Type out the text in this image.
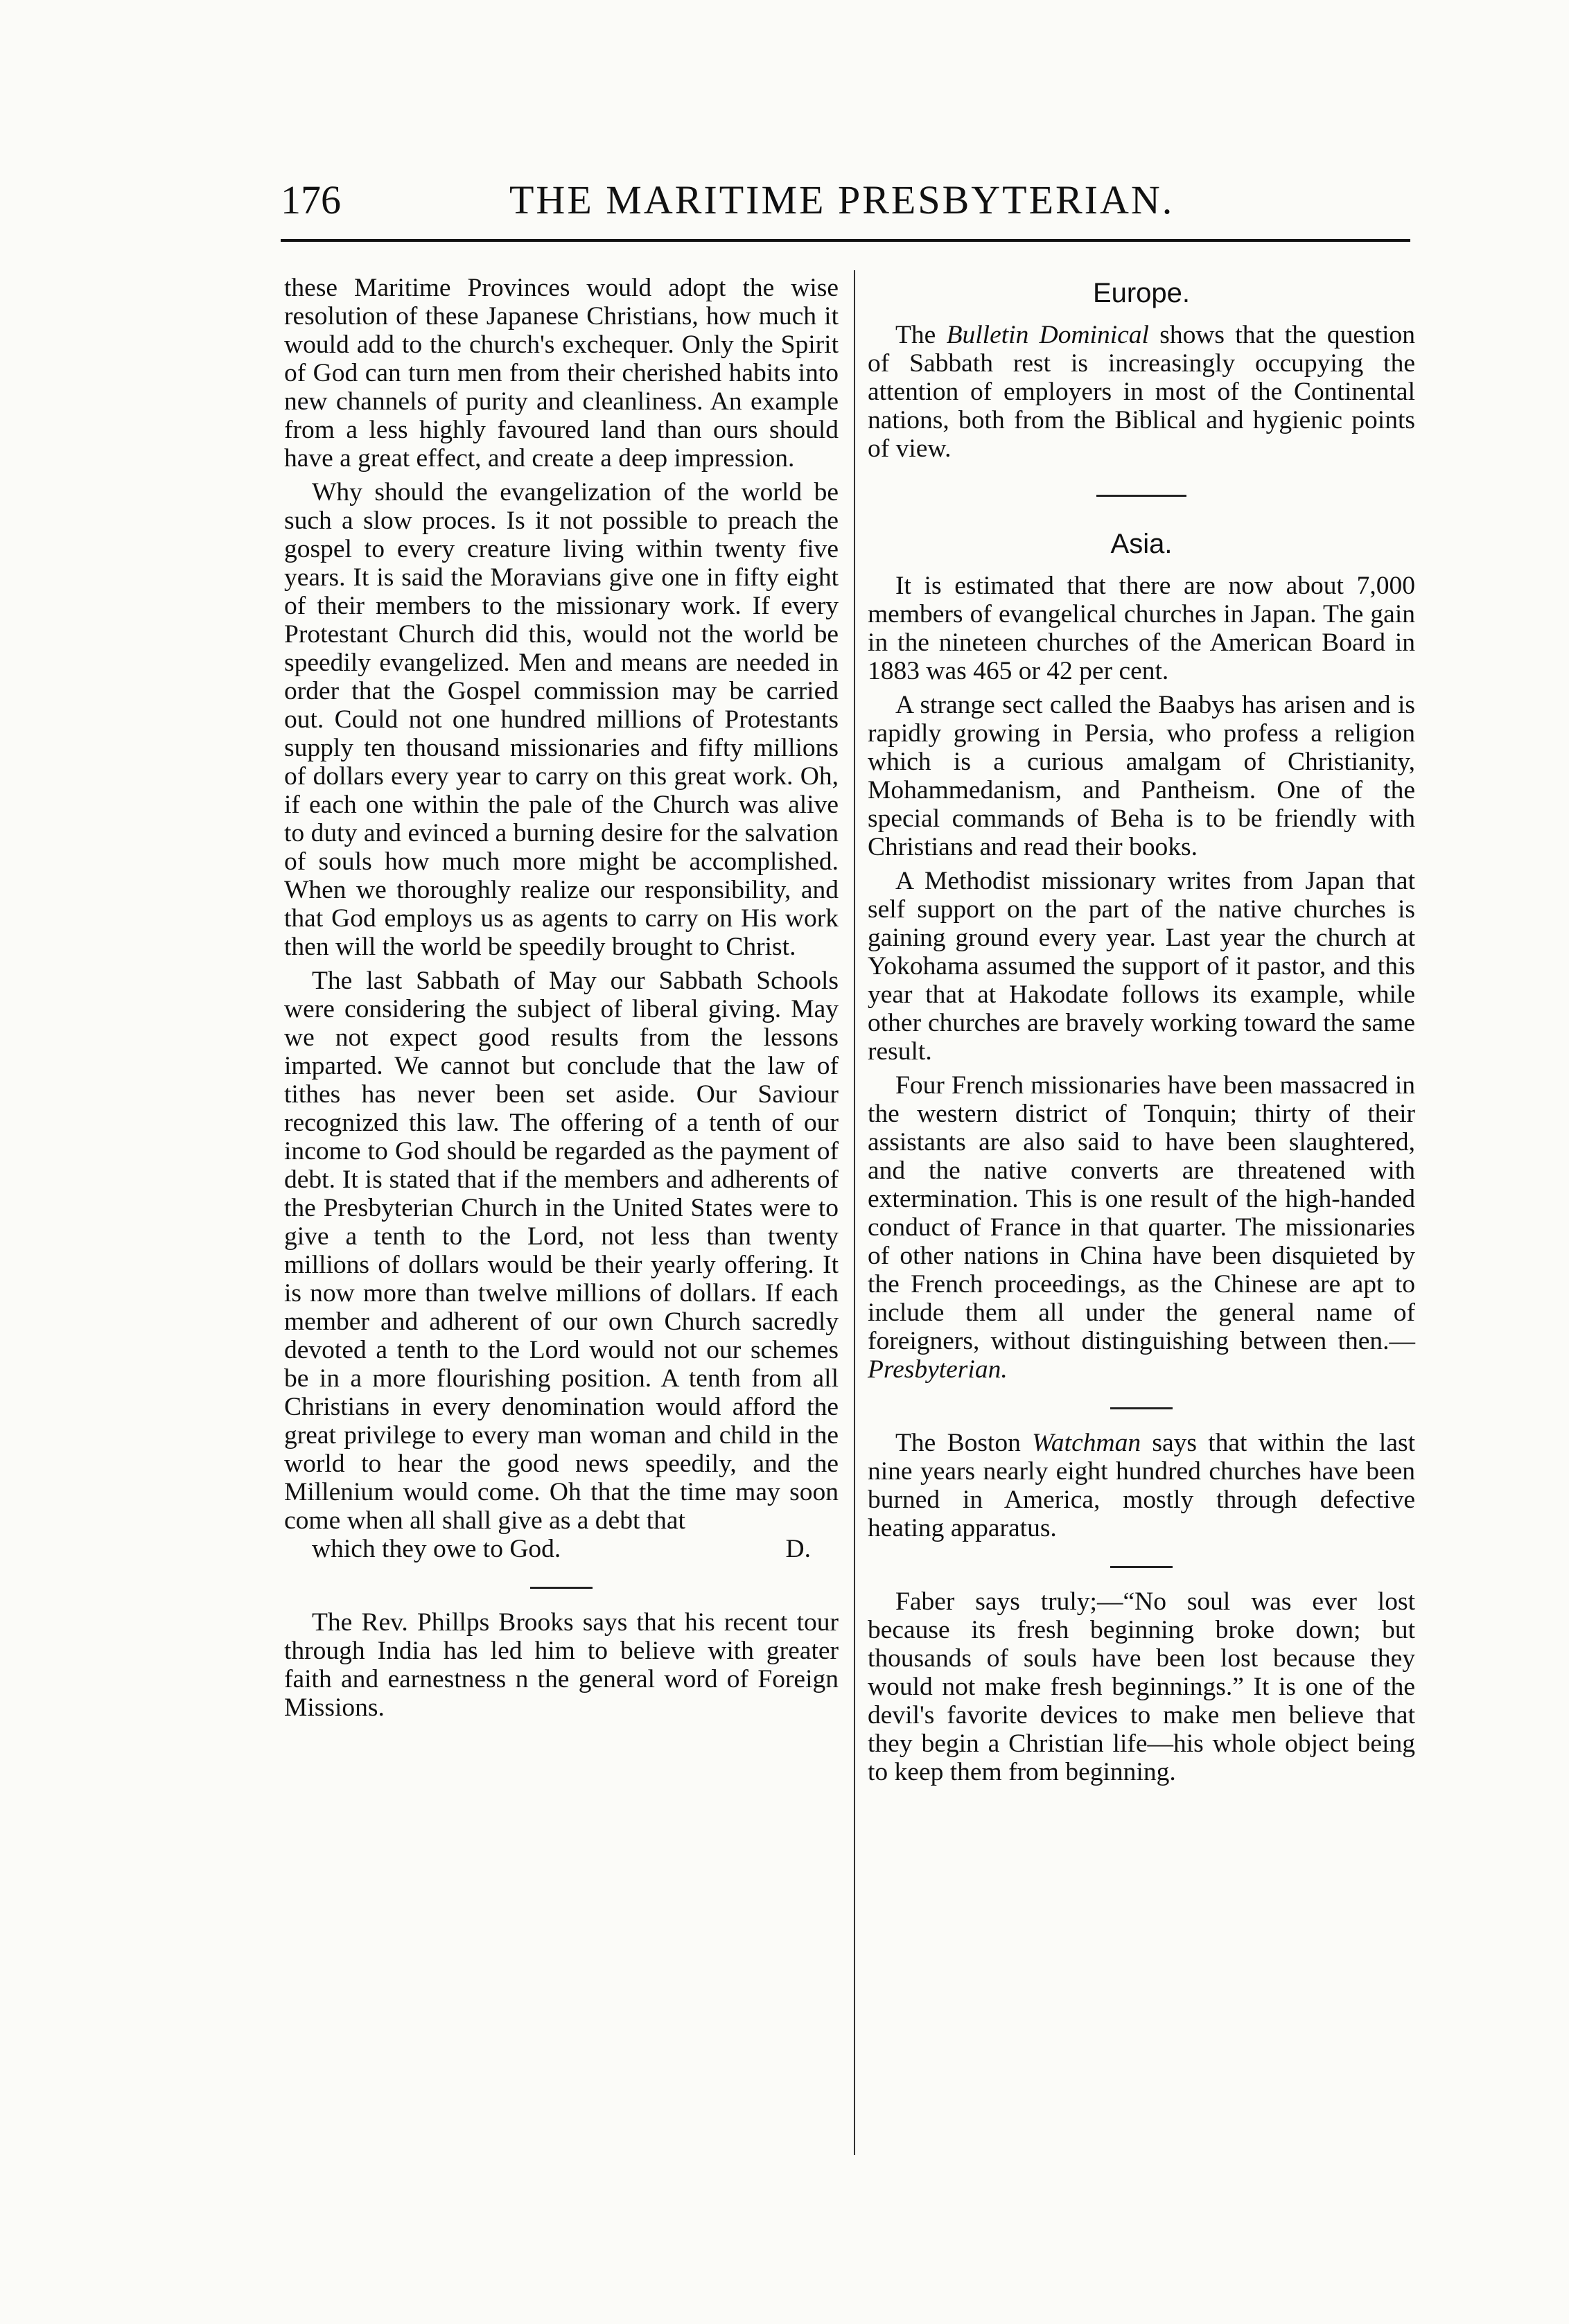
176	THE MARITIME PRESBYTERIAN.

these Maritime Provinces would adopt the wise resolution of these Japanese Christians, how much it would add to the church's exchequer. Only the Spirit of God can turn men from their cherished habits into new channels of purity and cleanliness. An example from a less highly favoured land than ours should have a great effect, and create a deep impression.

Why should the evangelization of the world be such a slow proces. Is it not possible to preach the gospel to every creature living within twenty five years. It is said the Moravians give one in fifty eight of their members to the missionary work. If every Protestant Church did this, would not the world be speedily evangelized. Men and means are needed in order that the Gospel commission may be carried out. Could not one hundred millions of Protestants supply ten thousand missionaries and fifty millions of dollars every year to carry on this great work. Oh, if each one within the pale of the Church was alive to duty and evinced a burning desire for the salvation of souls how much more might be accomplished. When we thoroughly realize our responsibility, and that God employs us as agents to carry on His work then will the world be speedily brought to Christ.

The last Sabbath of May our Sabbath Schools were considering the subject of liberal giving. May we not expect good results from the lessons imparted. We cannot but conclude that the law of tithes has never been set aside. Our Saviour recognized this law. The offering of a tenth of our income to God should be regarded as the payment of debt. It is stated that if the members and adherents of the Presbyterian Church in the United States were to give a tenth to the Lord, not less than twenty millions of dollars would be their yearly offering. It is now more than twelve millions of dollars. If each member and adherent of our own Church sacredly devoted a tenth to the Lord would not our schemes be in a more flourishing position. A tenth from all Christians in every denomination would afford the great privilege to every man woman and child in the world to hear the good news speedily, and the Millenium would come. Oh that the time may soon come when all shall give as a debt that
which they owe to God.	D.

The Rev. Phillps Brooks says that his recent tour through India has led him to believe with greater faith and earnestness n the general word of Foreign Missions.

Europe.

The Bulletin Dominical shows that the question of Sabbath rest is increasingly occupying the attention of employers in most of the Continental nations, both from the Biblical and hygienic points of view.

Asia.

It is estimated that there are now about 7,000 members of evangelical churches in Japan. The gain in the nineteen churches of the American Board in 1883 was 465 or 42 per cent.

A strange sect called the Baabys has arisen and is rapidly growing in Persia, who profess a religion which is a curious amalgam of Christianity, Mohammedanism, and Pantheism. One of the special commands of Beha is to be friendly with Christians and read their books.

A Methodist missionary writes from Japan that self support on the part of the native churches is gaining ground every year. Last year the church at Yokohama assumed the support of it pastor, and this year that at Hakodate follows its example, while other churches are bravely working toward the same result.

Four French missionaries have been massacred in the western district of Tonquin; thirty of their assistants are also said to have been slaughtered, and the native converts are threatened with extermination. This is one result of the high-handed conduct of France in that quarter. The missionaries of other nations in China have been disquieted by the French proceedings, as the Chinese are apt to include them all under the general name of foreigners, without distinguishing between then.—Presbyterian.

The Boston Watchman says that within the last nine years nearly eight hundred churches have been burned in America, mostly through defective heating apparatus.

Faber says truly;—“No soul was ever lost because its fresh beginning broke down; but thousands of souls have been lost because they would not make fresh beginnings.” It is one of the devil's favorite devices to make men believe that they begin a Christian life—his whole object being to keep them from beginning.
